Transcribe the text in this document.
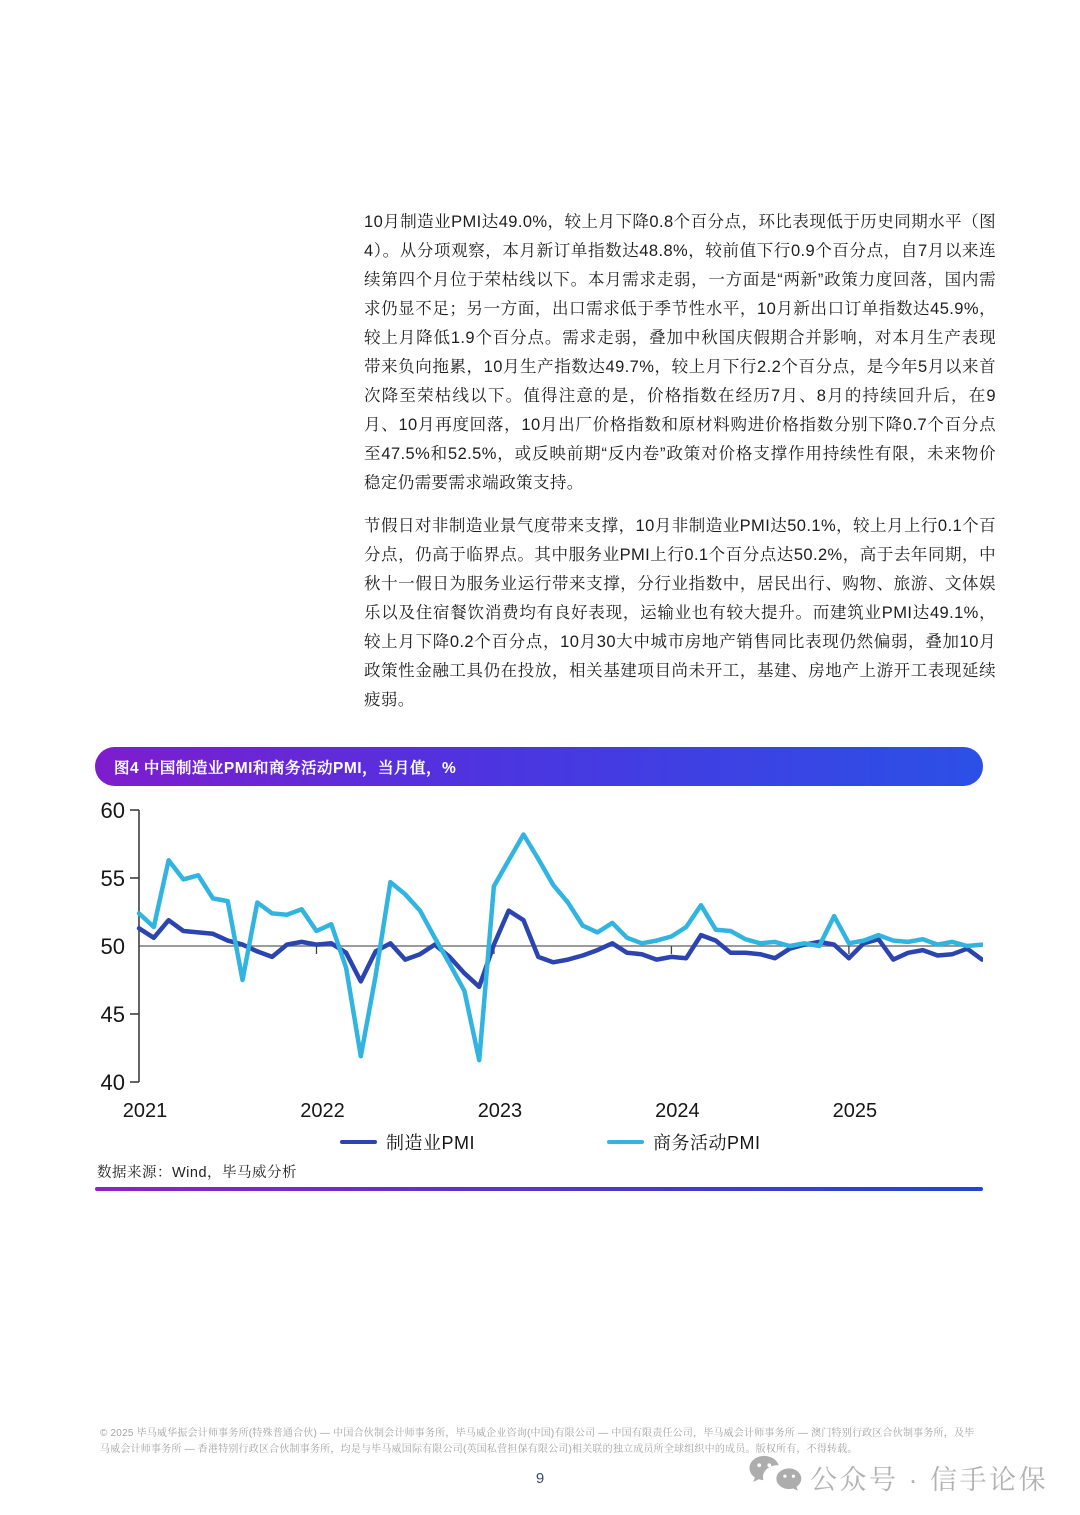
10月制造业PMI达49.0%，较上月下降0.8个百分点，环比表现低于历史同期水平（图4）。从分项观察，本月新订单指数达48.8%，较前值下行0.9个百分点，自7月以来连续第四个月位于荣枯线以下。本月需求走弱，一方面是“两新”政策力度回落，国内需求仍显不足；另一方面，出口需求低于季节性水平，10月新出口订单指数达45.9%，较上月降低1.9个百分点。需求走弱，叠加中秋国庆假期合并影响，对本月生产表现带来负向拖累，10月生产指数达49.7%，较上月下行2.2个百分点，是今年5月以来首次降至荣枯线以下。值得注意的是，价格指数在经历7月、8月的持续回升后，在9月、10月再度回落，10月出厂价格指数和原材料购进价格指数分别下降0.7个百分点至47.5%和52.5%，或反映前期“反内卷”政策对价格支撑作用持续性有限，未来物价稳定仍需要需求端政策支持。

节假日对非制造业景气度带来支撑，10月非制造业PMI达50.1%，较上月上行0.1个百分点，仍高于临界点。其中服务业PMI上行0.1个百分点达50.2%，高于去年同期，中秋十一假日为服务业运行带来支撑，分行业指数中，居民出行、购物、旅游、文体娱乐以及住宿餐饮消费均有良好表现，运输业也有较大提升。而建筑业PMI达49.1%，较上月下降0.2个百分点，10月30大中城市房地产销售同比表现仍然偏弱，叠加10月政策性金融工具仍在投放，相关基建项目尚未开工，基建、房地产上游开工表现延续疲弱。

图4 中国制造业PMI和商务活动PMI，当月值，%
40
45
50
55
60
2021	2022	2023	2024	2025
制造业PMI	商务活动PMI
数据来源：Wind，毕马威分析
© 2025 毕马威华振会计师事务所(特殊普通合伙) — 中国合伙制会计师事务所，毕马威企业咨询(中国)有限公司 — 中国有限责任公司，毕马威会计师事务所 — 澳门特别行政区合伙制事务所，及毕马威会计师事务所 — 香港特别行政区合伙制事务所，均是与毕马威国际有限公司(英国私营担保有限公司)相关联的独立成员所全球组织中的成员。版权所有，不得转载。
9	公众号 · 信手论保
